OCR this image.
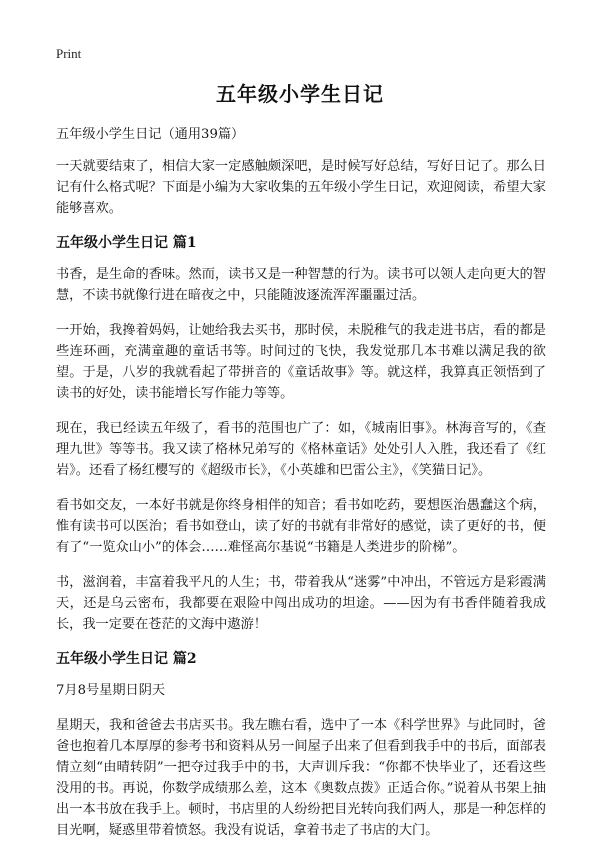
Print
五年级小学生日记

五年级小学生日记（通用39篇）

一天就要结束了，相信大家一定感触颇深吧，是时候写好总结，写好日记了。那么日记有什么格式呢？下面是小编为大家收集的五年级小学生日记，欢迎阅读，希望大家能够喜欢。

五年级小学生日记 篇1

书香，是生命的香味。然而，读书又是一种智慧的行为。读书可以领人走向更大的智慧，不读书就像行进在暗夜之中，只能随波逐流浑浑噩噩过活。

一开始，我搀着妈妈，让她给我去买书，那时侯，未脱稚气的我走进书店，看的都是些连环画，充满童趣的童话书等。时间过的飞快，我发觉那几本书难以满足我的欲望。于是，八岁的我就看起了带拼音的《童话故事》等。就这样，我算真正领悟到了读书的好处，读书能增长写作能力等等。

现在，我已经读五年级了，看书的范围也广了：如，《城南旧事》。林海音写的，《查理九世》等等书。我又读了格林兄弟写的《格林童话》处处引人入胜，我还看了《红岩》。还看了杨红樱写的《超级市长》，《小英雄和巴雷公主》，《笑猫日记》。

看书如交友，一本好书就是你终身相伴的知音；看书如吃药，要想医治愚蠢这个病，惟有读书可以医治；看书如登山，读了好的书就有非常好的感觉，读了更好的书，便有了“一览众山小”的体会……难怪高尔基说“书籍是人类进步的阶梯”。

书，滋润着，丰富着我平凡的人生；书，带着我从“迷雾”中冲出，不管远方是彩霞满天，还是乌云密布，我都要在艰险中闯出成功的坦途。——因为有书香伴随着我成长，我一定要在苍茫的文海中遨游！

五年级小学生日记 篇2

7月8号星期日阴天

星期天，我和爸爸去书店买书。我左瞧右看，选中了一本《科学世界》与此同时，爸爸也抱着几本厚厚的参考书和资料从另一间屋子出来了但看到我手中的书后，面部表情立刻“由晴转阴”一把夺过我手中的书，大声训斥我：“你都不快毕业了，还看这些没用的书。再说，你数学成绩那么差，这本《奥数点拨》正适合你。”说着从书架上抽出一本书放在我手上。顿时，书店里的人纷纷把目光转向我们两人，那是一种怎样的目光啊，疑惑里带着愤怒。我没有说话，拿着书走了书店的大门。
